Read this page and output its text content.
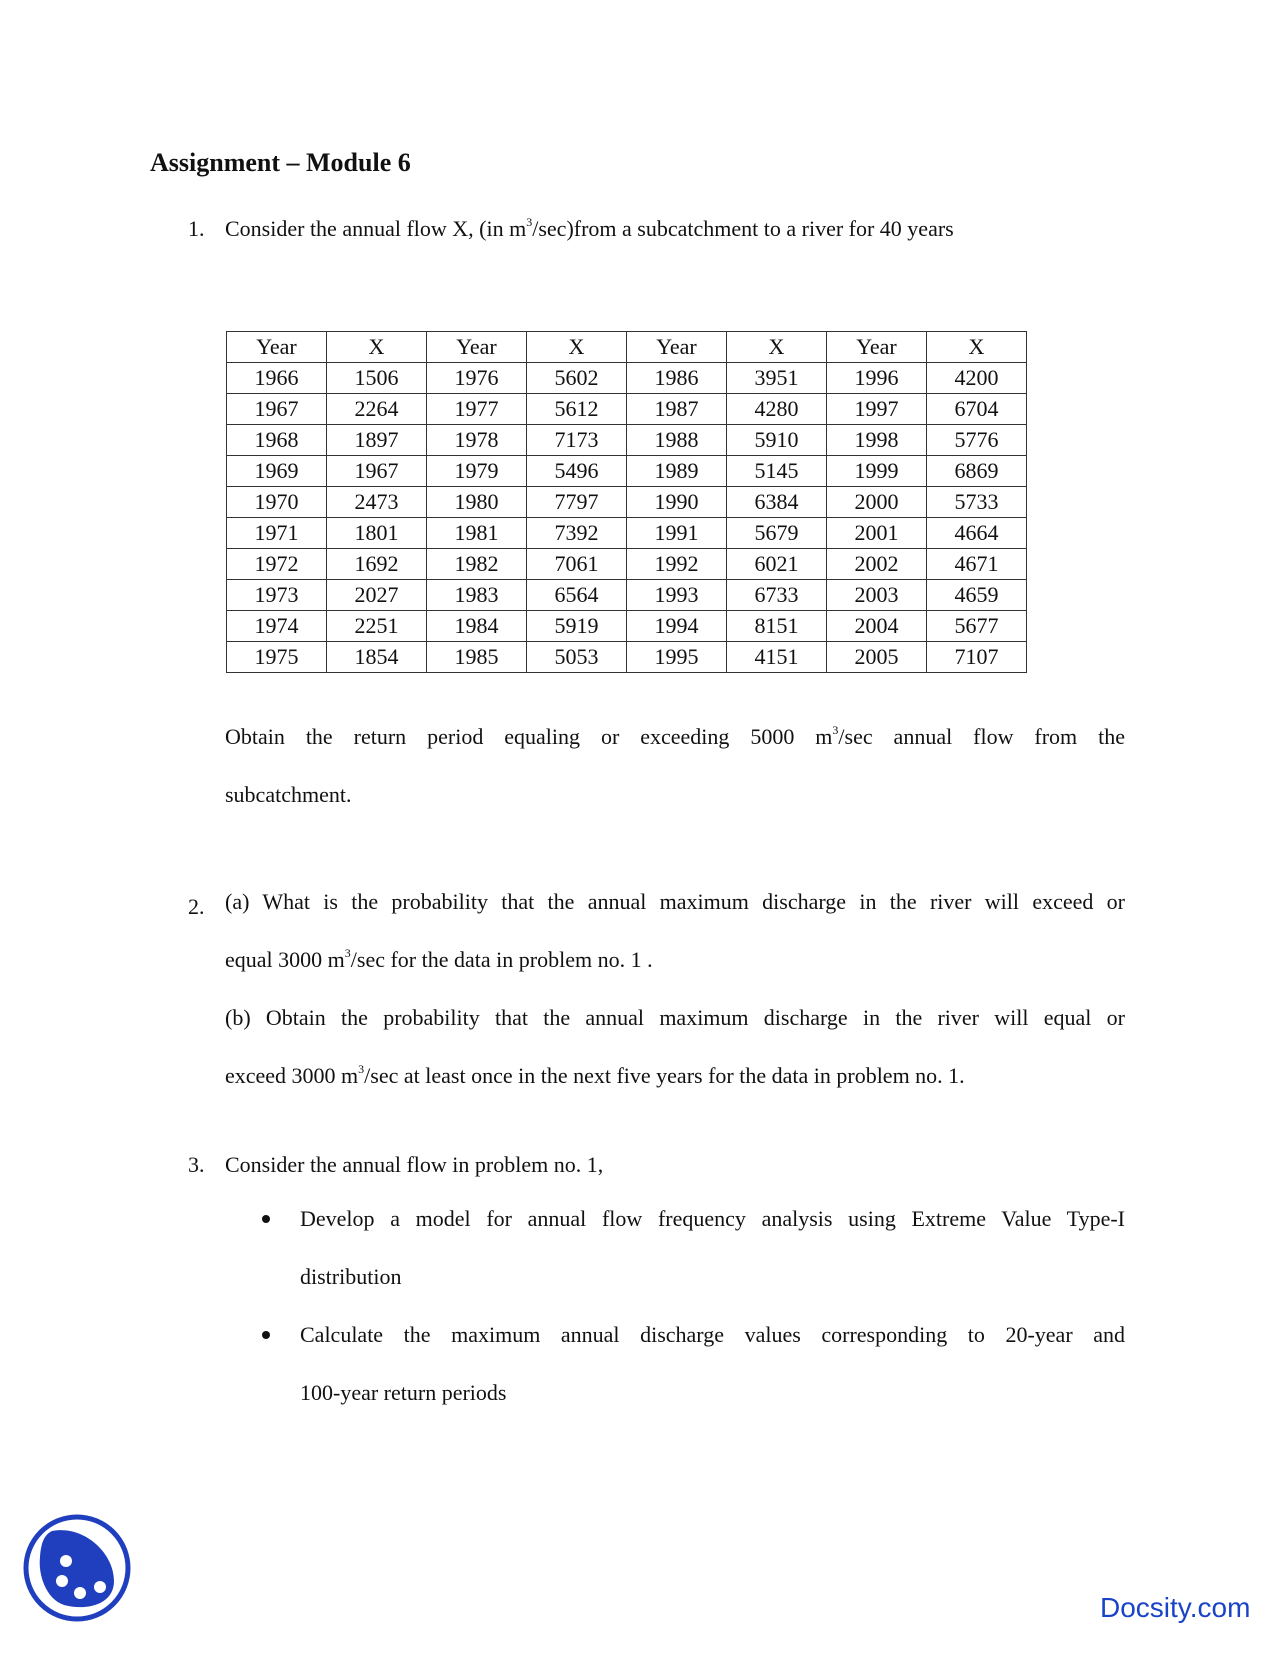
Assignment – Module 6
1. Consider the annual flow X, (in $m^3/\sec)from$ a subcatchment to a river for 40 years
Year	X	Year	X	Year	X	Year	X
1966	1506	1976	5602	1986	3951	1996	4200
1967	2264	1977	5612	1987	4280	1997	6704
1968	1897	1978	7173	1988	5910	1998	5776
1969	1967	1979	5496	1989	5145	1999	6869
1970	2473	1980	7797	1990	6384	2000	5733
1971	1801	1981	7392	1991	5679	2001	4664
1972	1692	1982	7061	1992	6021	2002	4671
1973	2027	1983	6564	1993	6733	2003	4659
1974	2251	1984	5919	1994	8151	2004	5677
1975	1854	1985	5053	1995	4151	2005	7107
Obtain the return period equaling or exceeding 5000 $m^3/\sec$ annual flow from the
subcatchment.
2. (a) What is the probability that the annual maximum discharge in the river will exceed or
equal 3000 $m^3/\sec$ for the data in problem no. 1 .
(b) Obtain the probability that the annual maximum discharge in the river will equal or
exceed 3000 $m^3/\sec$ at least once in the next five years for the data in problem no. 1.
3. Consider the annual flow in problem no. 1,
Develop a model for annual flow frequency analysis using Extreme Value Type-I
distribution
Calculate the maximum annual discharge values corresponding to 20-year and
100-year return periods
Docsity.com
